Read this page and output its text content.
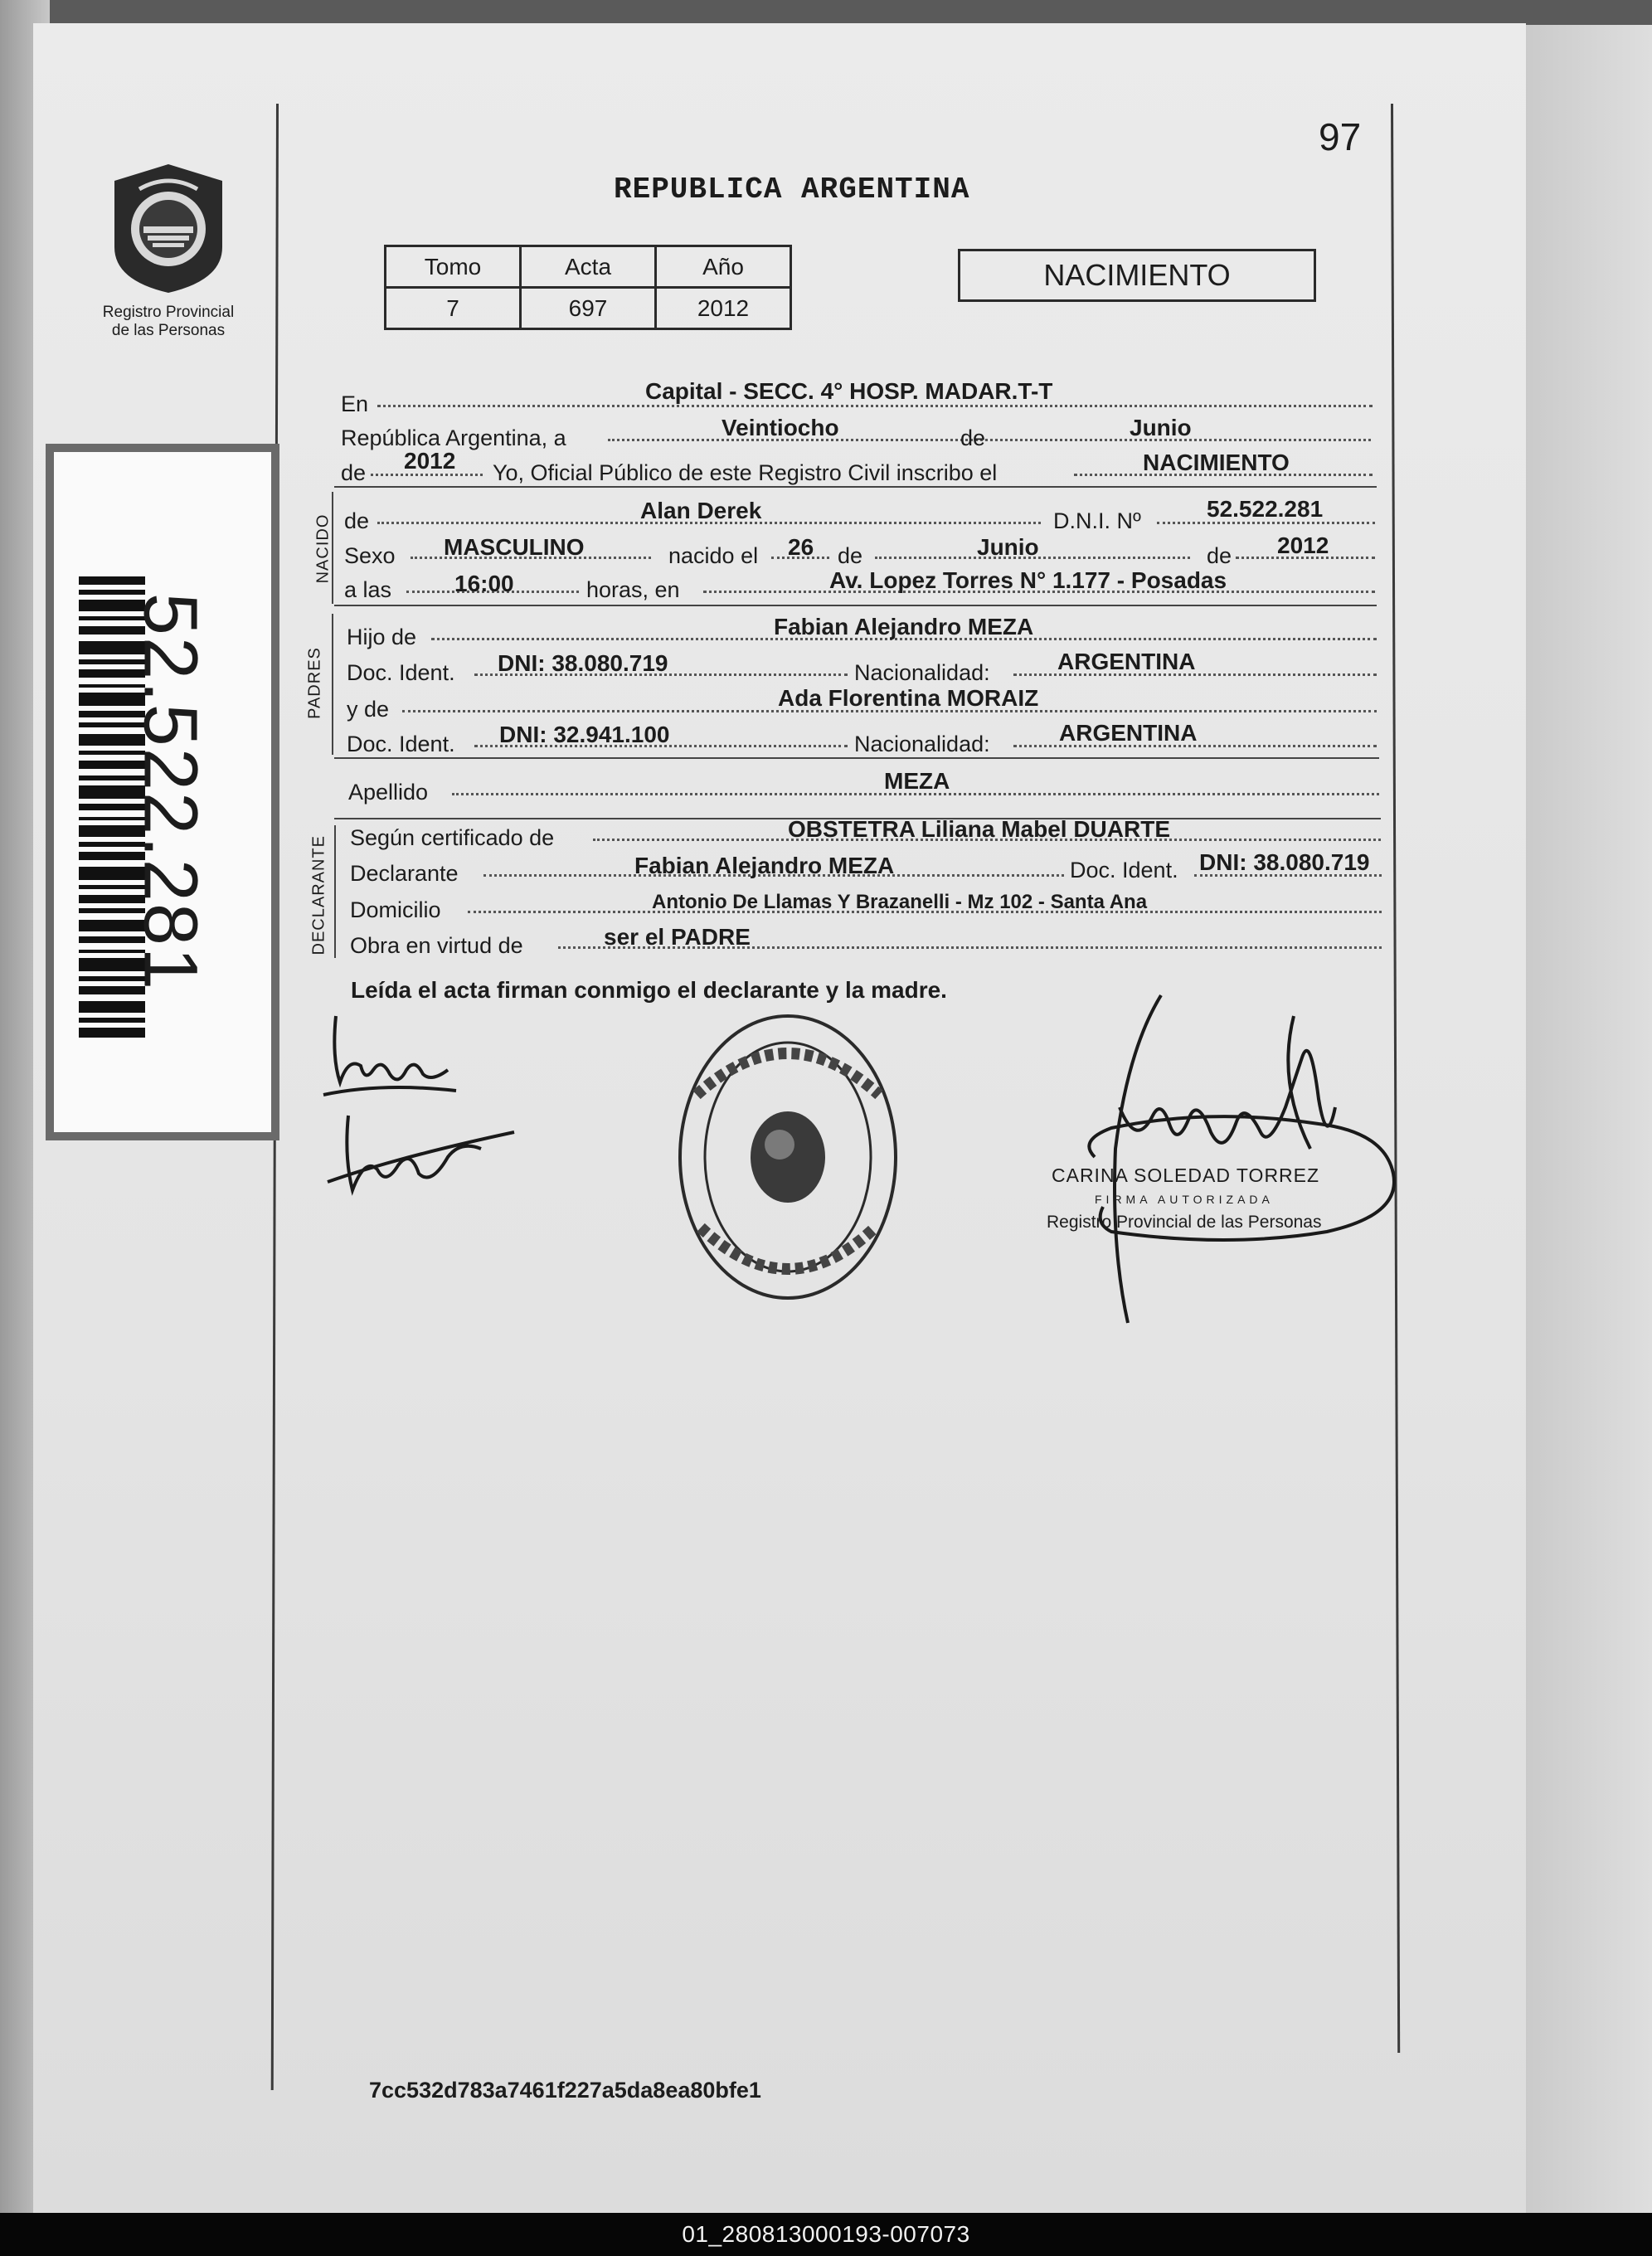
Registro Provincial
de las Personas
52.522.281
97
REPUBLICA ARGENTINA
Tomo	Acta	Año
7	697	2012
NACIMIENTO
En	Capital - SECC. 4° HOSP. MADAR.T-T
República Argentina, a	Veintiocho	de	Junio
de 2012 Yo, Oficial Público de este Registro Civil inscribo el	NACIMIENTO
NACIDO de	Alan Derek	D.N.I. Nº	52.522.281
Sexo MASCULINO	nacido el 26 de	Junio	de 2012
a las	16:00	horas, en	Av. Lopez Torres N° 1.177 - Posadas
PADRES
Hijo de	Fabian Alejandro MEZA
Doc. Ident. DNI: 38.080.719	Nacionalidad:	ARGENTINA
y de	Ada Florentina MORAIZ
Doc. Ident. DNI: 32.941.100	Nacionalidad:	ARGENTINA
Apellido	MEZA
DECLARANTE Según certificado de	OBSTETRA Liliana Mabel DUARTE
Declarante	Fabian Alejandro MEZA	Doc. Ident. DNI: 38.080.719
Domicilio	Antonio De Llamas Y Brazanelli - Mz 102 - Santa Ana
Obra en virtud de	ser el PADRE
Leída el acta firman conmigo el declarante y la madre.
CARINA SOLEDAD TORREZ
FIRMA AUTORIZADA
Registro Provincial de las Personas
7cc532d783a7461f227a5da8ea80bfe1
01_280813000193-007073
